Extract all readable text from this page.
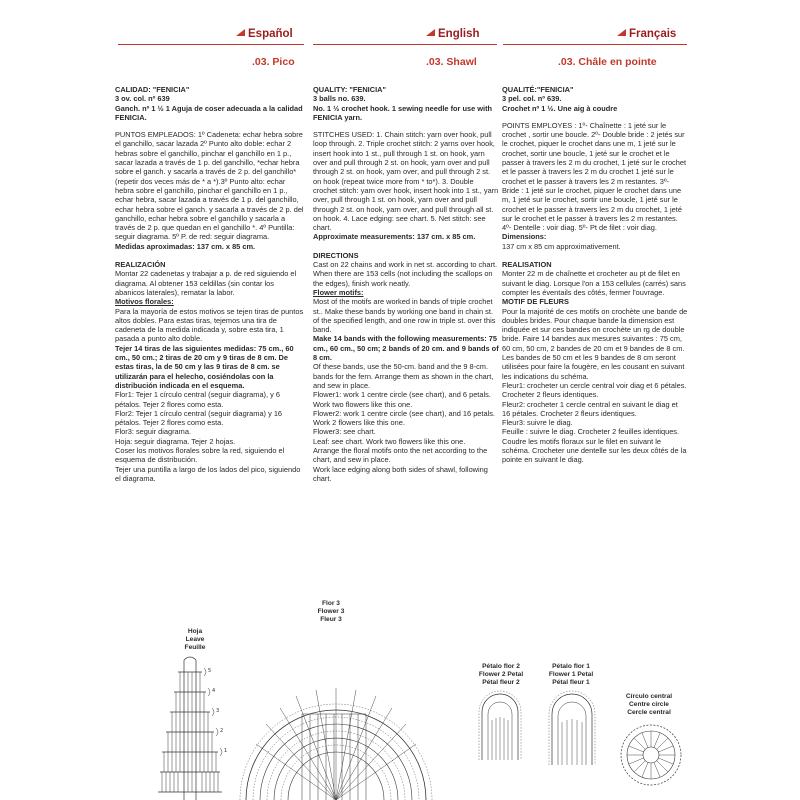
Español	English	Français
.03. Pico	.03. Shawl	.03. Châle en pointe

CALIDAD: "FENICIA"

3 ov. col. nº 639

Ganch. nº 1 ½ 1 Aguja de coser adecuada a la calidad FENICIA.

PUNTOS EMPLEADOS: 1º Cadeneta: echar hebra sobre el ganchillo, sacar lazada 2º Punto alto doble: echar 2 hebras sobre el ganchillo, pinchar el ganchillo en 1 p., sacar lazada a través de 1 p. del ganchillo, *echar hebra sobre el ganch. y sacarla a través de 2 p. del ganchillo* (repetir dos veces más de * a *).3º Punto alto: echar hebra sobre el ganchillo, pinchar el ganchillo en 1 p., echar hebra, sacar lazada a través de 1 p. del ganchillo, echar hebra sobre el ganch. y sacarla a través de 2 p. del ganchillo, echar hebra sobre el ganchillo y sacarla a través de 2 p. que quedan en el ganchillo *. 4º Puntilla: seguir diagrama. 5º P. de red: seguir diagrama.

Medidas aproximadas: 137 cm. x 85 cm.

REALIZACIÓN

Montar 22 cadenetas y trabajar a p. de red siguiendo el diagrama. Al obtener 153 celdillas (sin contar los abanicos laterales), rematar la labor.

Motivos florales:

Para la mayoría de estos motivos se tejen tiras de puntos altos dobles. Para estas tiras, tejemos una tira de cadeneta de la medida indicada y, sobre esta tira, 1 pasada a punto alto doble.

Tejer 14 tiras de las siguientes medidas: 75 cm., 60 cm., 50 cm.; 2 tiras de 20 cm y 9 tiras de 8 cm. De estas tiras, la de 50 cm y las 9 tiras de 8 cm. se utilizarán para el helecho, cosiéndolas con la distribución indicada en el esquema.

Flor1: Tejer 1 círculo central (seguir diagrama), y 6 pétalos. Tejer 2 flores como esta.

Flor2: Tejer 1 círculo central (seguir diagrama) y 16 pétalos. Tejer 2 flores como esta.

Flor3: seguir diagrama.

Hoja: seguir diagrama. Tejer 2 hojas.

Coser los motivos florales sobre la red, siguiendo el esquema de distribución.

Tejer una puntilla a largo de los lados del pico, siguiendo el diagrama.

QUALITY: "FENICIA"

3 balls no. 639.

No. 1 ½ crochet hook. 1 sewing needle for use with FENICIA yarn.

STITCHES USED: 1. Chain stitch: yarn over hook, pull loop through. 2. Triple crochet stitch: 2 yarns over hook, insert hook into 1 st., pull through 1 st. on hook, yarn over and pull through 2 st. on hook, yarn over and pull through 2 st. on hook, yarn over, and pull through 2 st. on hook (repeat twice more from * to*). 3. Double crochet stitch: yarn over hook, insert hook into 1 st., yarn over, pull through 1 st. on hook, yarn over and pull through 2 st. on hook, yarn over, and pull through all st. on hook. 4. Lace edging: see chart. 5. Net stitch: see chart.

Approximate measurements: 137 cm. x 85 cm.

DIRECTIONS

Cast on 22 chains and work in net st. according to chart. When there are 153 cells (not including the scallops on the edges), finish work neatly.

Flower motifs:

Most of the motifs are worked in bands of triple crochet st.. Make these bands by working one band in chain st. of the specified length, and one row in triple st. over this band.

Make 14 bands with the following measurements: 75 cm., 60 cm., 50 cm; 2 bands of 20 cm. and 9 bands of 8 cm.

Of these bands, use the 50-cm. band and the 9 8-cm. bands for the fern. Arrange them as shown in the chart, and sew in place.

Flower1: work 1 centre circle (see chart), and 6 petals. Work two flowers like this one.

Flower2: work 1 centre circle (see chart), and 16 petals. Work 2 flowers like this one.

Flower3: see chart.

Leaf: see chart. Work two flowers like this one.

Arrange the floral motifs onto the net according to the chart, and sew in place.

Work lace edging along both sides of shawl, following chart.

QUALITÉ:"FENICIA"

3 pel. col. nº 639.

Crochet nº 1 ½. Une aig à coudre

POINTS EMPLOYES : 1º- Chaînette : 1 jeté sur le crochet , sortir une boucle. 2º- Double bride : 2 jetés sur le crochet, piquer le crochet dans une m, 1 jeté sur le crochet, sortir une boucle, 1 jeté sur le crochet et le passer à travers les 2 m du crochet, 1 jeté sur le crochet et le passer à travers les 2 m du crochet 1 jeté sur le crochet et le passer à travers les 2 m restantes. 3º- Bride : 1 jeté sur le crochet, piquer le crochet dans une m, 1 jeté sur le crochet, sortir une boucle, 1 jeté sur le crochet et le passer à travers les 2 m du crochet, 1 jeté sur le crochet et le passer à travers les 2 m restantes. 4º- Dentelle : voir diag. 5º- Pt de filet : voir diag.

Dimensions:

137 cm x 85 cm approximativement.

REALISATION

Monter 22 m de chaînette et crocheter au pt de filet en suivant le diag. Lorsque l'on a 153 cellules (carrés) sans compter les éventails des côtés, fermer l'ouvrage.

MOTIF DE FLEURS

Pour la majorité de ces motifs on crochète une bande de doubles brides. Pour chaque bande la dimension est indiquée et sur ces bandes on crochète un rg de double bride. Faire 14 bandes aux mesures suivantes : 75 cm, 60 cm, 50 cm, 2 bandes de 20 cm et 9 bandes de 8 cm.

Les bandes de 50 cm et les 9 bandes de 8 cm seront utilisées pour faire la fougère, en les cousant en suivant les indications du schéma.

Fleur1: crocheter un cercle central voir diag et 6 pétales. Crocheter 2 fleurs identiques.

Fleur2: crocheter 1 cercle central en suivant le diag et 16 pétales. Crocheter 2 fleurs identiques.

Fleur3: suivre le diag.

Feuille : suivre le diag. Crocheter 2 feuilles identiques.

Coudre les motifs floraux sur le filet en suivant le schéma. Crocheter une dentelle sur les deux côtés de la pointe en suivant le diag.

Hoja
Leave
Feuille
Flor 3
Flower 3
Fleur 3
Pétalo flor 2
Flower 2 Petal
Pétal fleur 2
Pétalo flor 1
Flower 1 Petal
Pétal fleur 1
Círculo central
Centre circle
Cercle central
5
4
3
2
1
